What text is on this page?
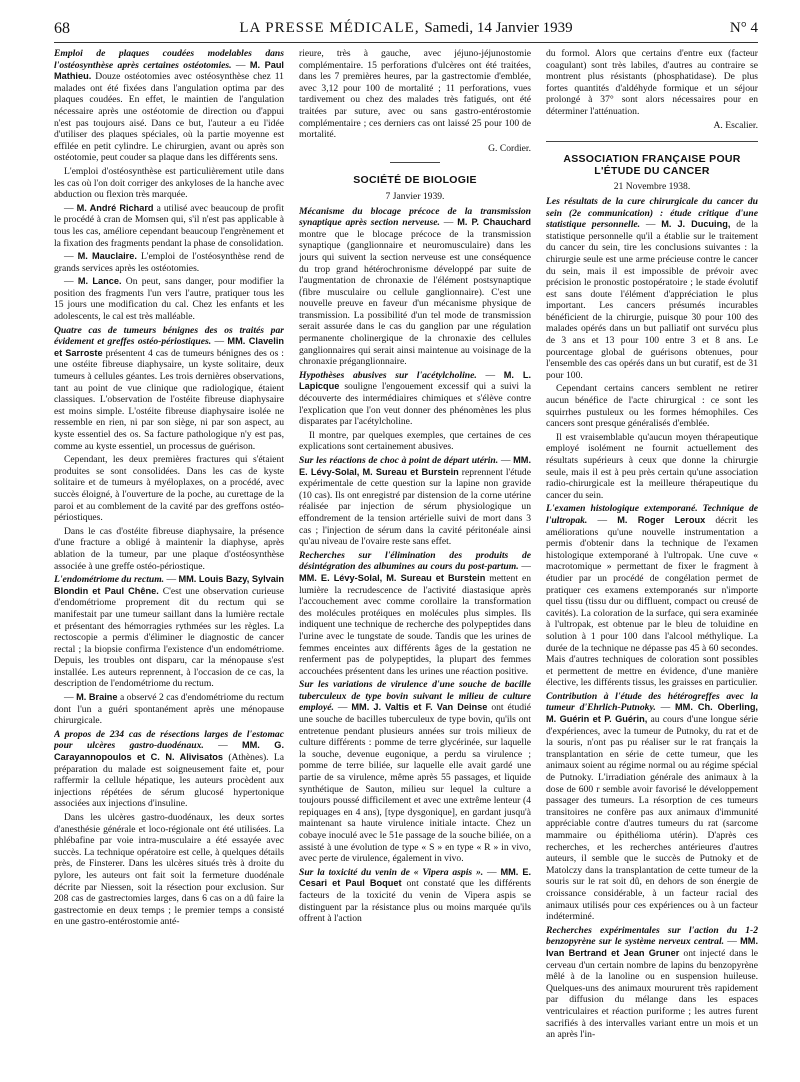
68	LA PRESSE MÉDICALE, Samedi, 14 Janvier 1939	N° 4

Emploi de plaques coudées modelables dans l'ostéosynthèse après certaines ostéotomies. — M. Paul Mathieu. Douze ostéotomies avec ostéosynthèse chez 11 malades ont été fixées dans l'angulation optima par des plaques coudées. En effet, le maintien de l'angulation nécessaire après une ostéotomie de direction ou d'appui n'est pas toujours aisé. Dans ce but, l'auteur a eu l'idée d'utiliser des plaques spéciales, où la partie moyenne est effilée en petit cylindre. Le chirurgien, avant ou après son ostéotomie, peut couder sa plaque dans les différents sens.

L'emploi d'ostéosynthèse est particulièrement utile dans les cas où l'on doit corriger des ankyloses de la hanche avec abduction ou flexion très marquée.

— M. André Richard a utilisé avec beaucoup de profit le procédé à cran de Momsen qui, s'il n'est pas applicable à tous les cas, améliore cependant beaucoup l'engrènement et la fixation des fragments pendant la phase de consolidation.

— M. Mauclaire. L'emploi de l'ostéosynthèse rend de grands services après les ostéotomies.

— M. Lance. On peut, sans danger, pour modifier la position des fragments l'un vers l'autre, pratiquer tous les 15 jours une modification du cal. Chez les enfants et les adolescents, le cal est très malléable.

Quatre cas de tumeurs bénignes des os traités par évidement et greffes ostéo-périostiques. — MM. Clavelin et Sarroste présentent 4 cas de tumeurs bénignes des os : une ostéite fibreuse diaphysaire, un kyste solitaire, deux tumeurs à cellules géantes. Les trois dernières observations, tant au point de vue clinique que radiologique, étaient classiques. L'observation de l'ostéite fibreuse diaphysaire est moins simple. L'ostéite fibreuse diaphysaire isolée ne ressemble en rien, ni par son siège, ni par son aspect, au kyste essentiel des os. Sa facture pathologique n'y est pas, comme au kyste essentiel, un processus de guérison.

Cependant, les deux premières fractures qui s'étaient produites se sont consolidées. Dans les cas de kyste solitaire et de tumeurs à myéloplaxes, on a procédé, avec succès éloigné, à l'ouverture de la poche, au curettage de la paroi et au comblement de la cavité par des greffons ostéo-périostiques.

Dans le cas d'ostéite fibreuse diaphysaire, la présence d'une fracture a obligé à maintenir la diaphyse, après ablation de la tumeur, par une plaque d'ostéosynthèse associée à une greffe ostéo-périostique.

L'endométriome du rectum. — MM. Louis Bazy, Sylvain Blondin et Paul Chêne. C'est une observation curieuse d'endométriome proprement dit du rectum qui se manifestait par une tumeur saillant dans la lumière rectale et présentant des hémorragies rythmées sur les règles. La rectoscopie a permis d'éliminer le diagnostic de cancer rectal ; la biopsie confirma l'existence d'un endométriome. Depuis, les troubles ont disparu, car la ménopause s'est installée. Les auteurs reprennent, à l'occasion de ce cas, la description de l'endométriome du rectum.

— M. Braine a observé 2 cas d'endométriome du rectum dont l'un a guéri spontanément après une ménopause chirurgicale.

A propos de 234 cas de résections larges de l'estomac pour ulcères gastro-duodénaux. — MM. G. Carayannopoulos et C. N. Alivisatos (Athènes). La préparation du malade est soigneusement faite et, pour raffermir la cellule hépatique, les auteurs procèdent aux injections répétées de sérum glucosé hypertonique associées aux injections d'insuline.

Dans les ulcères gastro-duodénaux, les deux sortes d'anesthésie générale et loco-régionale ont été utilisées. La phlébafine par voie intra-musculaire a été essayée avec succès. La technique opératoire est celle, à quelques détails près, de Finsterer. Dans les ulcères situés très à droite du pylore, les auteurs ont fait soit la fermeture duodénale décrite par Niessen, soit la résection pour exclusion. Sur 208 cas de gastrectomies larges, dans 6 cas on a dû faire la gastrectomie en deux temps ; le premier temps a consisté en une gastro-entérostomie anté-

rieure, très à gauche, avec jéjuno-jéjunostomie complémentaire. 15 perforations d'ulcères ont été traitées, dans les 7 premières heures, par la gastrectomie d'emblée, avec 3,12 pour 100 de mortalité ; 11 perforations, vues tardivement ou chez des malades très fatigués, ont été traitées par suture, avec ou sans gastro-entérostomie complémentaire ; ces derniers cas ont laissé 25 pour 100 de mortalité.

G. Cordier.

SOCIÉTÉ DE BIOLOGIE
7 Janvier 1939.

Mécanisme du blocage précoce de la transmission synaptique après section nerveuse. — M. P. Chauchard montre que le blocage précoce de la transmission synaptique (ganglionnaire et neuromusculaire) dans les jours qui suivent la section nerveuse est une conséquence du trop grand hétérochronisme développé par suite de l'augmentation de chronaxie de l'élément postsynaptique (fibre musculaire ou cellule ganglionnaire). C'est une nouvelle preuve en faveur d'un mécanisme physique de transmission. La possibilité d'un tel mode de transmission serait assurée dans le cas du ganglion par une régulation permanente cholinergique de la chronaxie des cellules ganglionnaires qui serait ainsi maintenue au voisinage de la chronaxie préganglionnaire.

Hypothèses abusives sur l'acétylcholine. — M. L. Lapicque souligne l'engouement excessif qui a suivi la découverte des intermédiaires chimiques et s'élève contre l'explication que l'on veut donner des phénomènes les plus disparates par l'acétylcholine.

Il montre, par quelques exemples, que certaines de ces explications sont certainement abusives.

Sur les réactions de choc à point de départ utérin. — MM. E. Lévy-Solal, M. Sureau et Burstein reprennent l'étude expérimentale de cette question sur la lapine non gravide (10 cas). Ils ont enregistré par distension de la corne utérine réalisée par injection de sérum physiologique un effondrement de la tension artérielle suivi de mort dans 3 cas ; l'injection de sérum dans la cavité péritonéale ainsi qu'au niveau de l'ovaire reste sans effet.

Recherches sur l'élimination des produits de désintégration des albumines au cours du post-partum. — MM. E. Lévy-Solal, M. Sureau et Burstein mettent en lumière la recrudescence de l'activité diastasique après l'accouchement avec comme corollaire la transformation des molécules protéiques en molécules plus simples. Ils indiquent une technique de recherche des polypeptides dans l'urine avec le tungstate de soude. Tandis que les urines de femmes enceintes aux différents âges de la gestation ne renferment pas de polypeptides, la plupart des femmes accouchées présentent dans les urines une réaction positive.

Sur les variations de virulence d'une souche de bacille tuberculeux de type bovin suivant le milieu de culture employé. — MM. J. Valtis et F. Van Deinse ont étudié une souche de bacilles tuberculeux de type bovin, qu'ils ont entretenue pendant plusieurs années sur trois milieux de culture différents : pomme de terre glycérinée, sur laquelle la souche, devenue eugonique, a perdu sa virulence ; pomme de terre biliée, sur laquelle elle avait gardé une partie de sa virulence, même après 55 passages, et liquide synthétique de Sauton, milieu sur lequel la culture a toujours poussé difficilement et avec une extrême lenteur (4 repiquages en 4 ans), [type dysgonique], en gardant jusqu'à maintenant sa haute virulence initiale intacte. Chez un cobaye inoculé avec le 51e passage de la souche biliée, on a assisté à une évolution de type « S » en type « R » in vivo, avec perte de virulence, également in vivo.

Sur la toxicité du venin de « Vipera aspis ». — MM. E. Cesari et Paul Boquet ont constaté que les différents facteurs de la toxicité du venin de Vipera aspis se distinguent par la résistance plus ou moins marquée qu'ils offrent à l'action

du formol. Alors que certains d'entre eux (facteur coagulant) sont très labiles, d'autres au contraire se montrent plus résistants (phosphatidase). De plus fortes quantités d'aldéhyde formique et un séjour prolongé à 37° sont alors nécessaires pour en déterminer l'atténuation.

A. Escalier.

ASSOCIATION FRANÇAISE POUR L'ÉTUDE DU CANCER
21 Novembre 1938.

Les résultats de la cure chirurgicale du cancer du sein (2e communication) : étude critique d'une statistique personnelle. — M. J. Ducuing, de la statistique personnelle qu'il a établie sur le traitement du cancer du sein, tire les conclusions suivantes : la chirurgie seule est une arme précieuse contre le cancer du sein, mais il est impossible de prévoir avec précision le pronostic postopératoire ; le stade évolutif est sans doute l'élément d'appréciation le plus important. Les cancers présumés incurables bénéficient de la chirurgie, puisque 30 pour 100 des malades opérés dans un but palliatif ont survécu plus de 3 ans et 13 pour 100 entre 3 et 8 ans. Le pourcentage global de guérisons obtenues, pour l'ensemble des cas opérés dans un but curatif, est de 31 pour 100.

Cependant certains cancers semblent ne retirer aucun bénéfice de l'acte chirurgical : ce sont les squirrhes pustuleux ou les formes hémophiles. Ces cancers sont presque généralisés d'emblée.

Il est vraisemblable qu'aucun moyen thérapeutique employé isolément ne fournit actuellement des résultats supérieurs à ceux que donne la chirurgie seule, mais il est à peu près certain qu'une association radio-chirurgicale est la meilleure thérapeutique du cancer du sein.

L'examen histologique extemporané. Technique de l'ultropak. — M. Roger Leroux décrit les améliorations qu'une nouvelle instrumentation a permis d'obtenir dans la technique de l'examen histologique extemporané à l'ultropak. Une cuve « macrotomique » permettant de fixer le fragment à étudier par un procédé de congélation permet de pratiquer ces examens extemporanés sur n'importe quel tissu (tissu dur ou diffluent, compact ou creusé de cavités). La coloration de la surface, qui sera examinée à l'ultropak, est obtenue par le bleu de toluidine en solution à 1 pour 100 dans l'alcool méthylique. La durée de la technique ne dépasse pas 45 à 60 secondes. Mais d'autres techniques de coloration sont possibles et permettent de mettre en évidence, d'une manière élective, les différents tissus, les graisses en particulier.

Contribution à l'étude des hétérogreffes avec la tumeur d'Ehrlich-Putnoky. — MM. Ch. Oberling, M. Guérin et P. Guérin, au cours d'une longue série d'expériences, avec la tumeur de Putnoky, du rat et de la souris, n'ont pas pu réaliser sur le rat français la transplantation en série de cette tumeur, que les animaux soient au régime normal ou au régime spécial de Putnoky. L'irradiation générale des animaux à la dose de 600 r semble avoir favorisé le développement passager des tumeurs. La résorption de ces tumeurs transitoires ne confère pas aux animaux d'immunité appréciable contre d'autres tumeurs du rat (sarcome mammaire ou épithélioma utérin). D'après ces recherches, et les recherches antérieures d'autres auteurs, il semble que le succès de Putnoky et de Matolczy dans la transplantation de cette tumeur de la souris sur le rat soit dû, en dehors de son énergie de croissance considérable, à un facteur racial des animaux utilisés pour ces expériences ou à un facteur indéterminé.

Recherches expérimentales sur l'action du 1-2 benzopyrène sur le système nerveux central. — MM. Ivan Bertrand et Jean Gruner ont injecté dans le cerveau d'un certain nombre de lapins du benzopyrène mêlé à de la lanoline ou en suspension huileuse. Quelques-uns des animaux moururent très rapidement par diffusion du mélange dans les espaces ventriculaires et réaction puriforme ; les autres furent sacrifiés à des intervalles variant entre un mois et un an après l'in-
